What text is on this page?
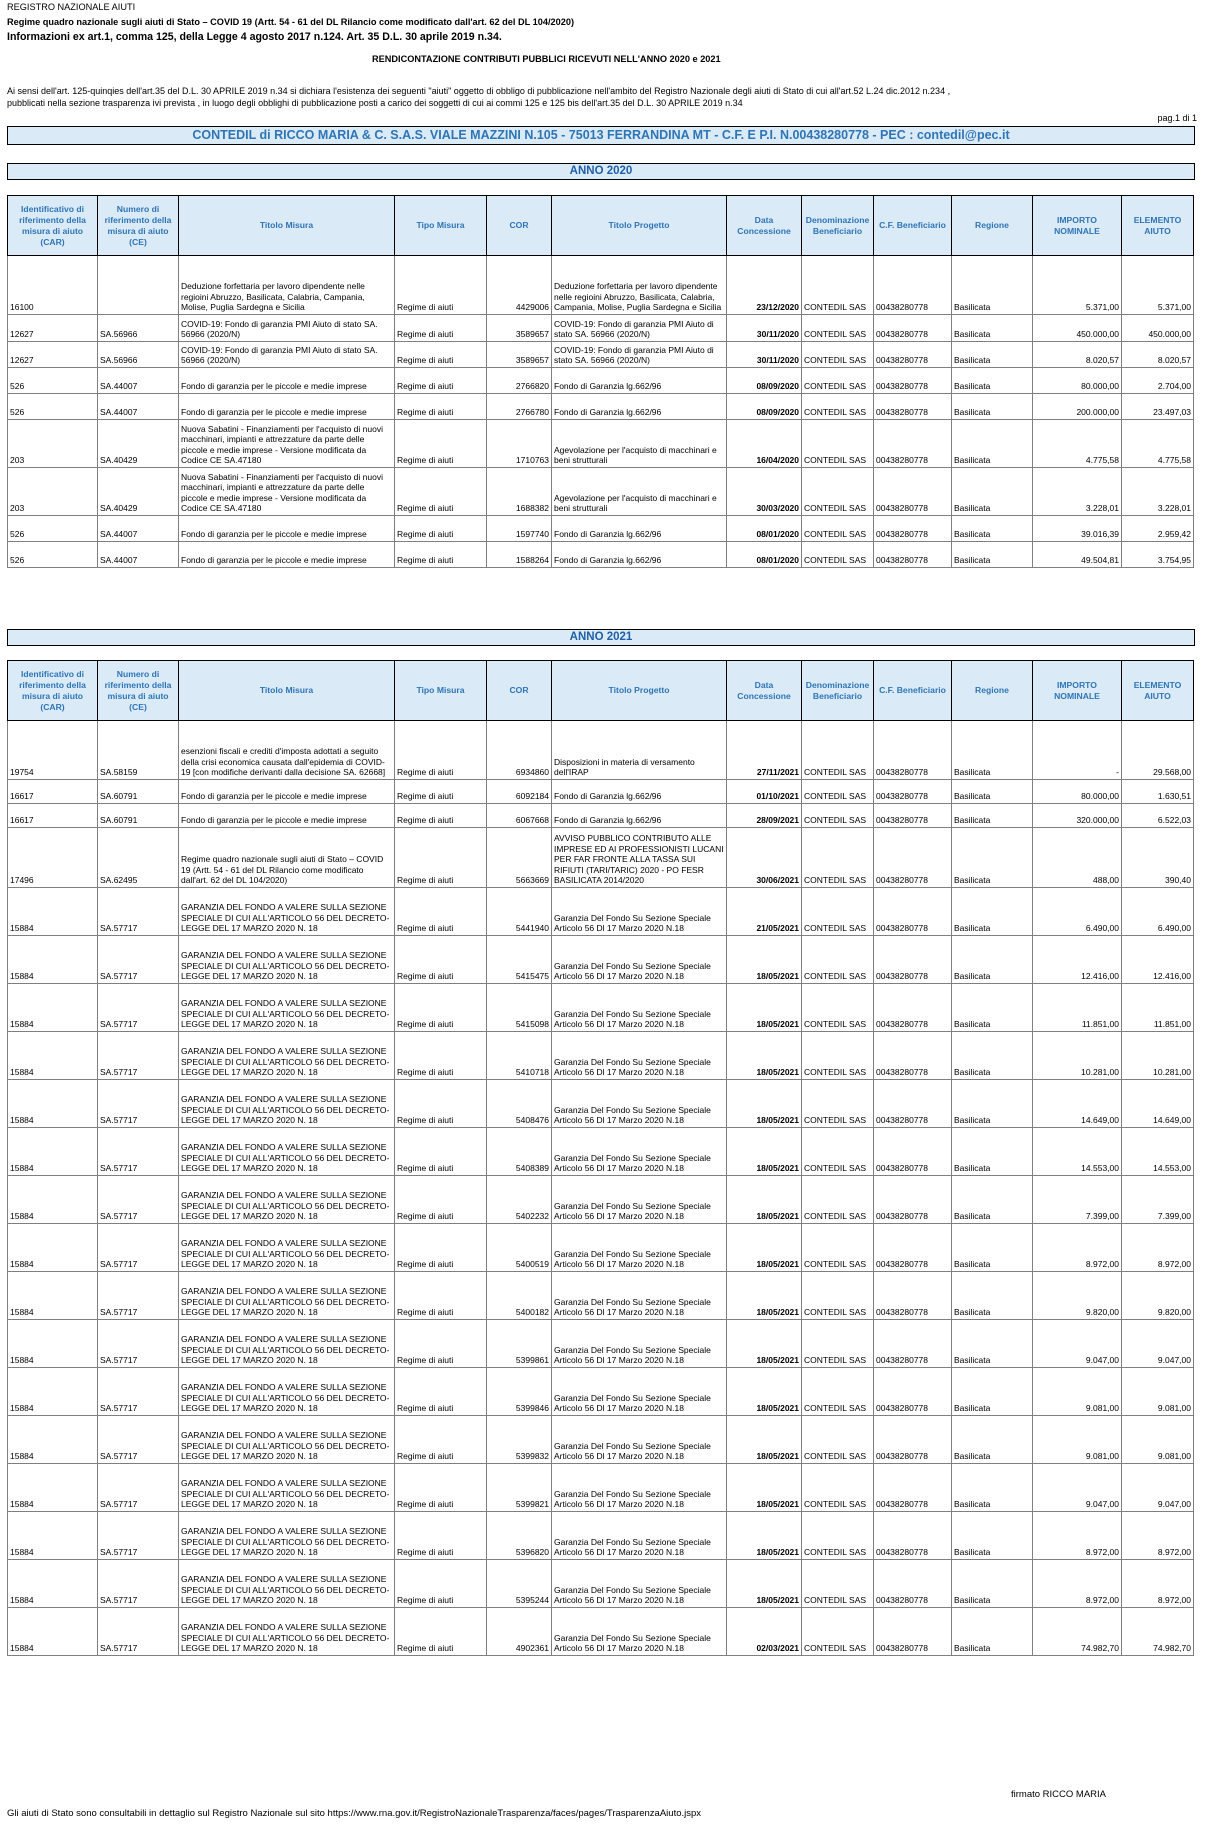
REGISTRO NAZIONALE AIUTI
Regime quadro nazionale sugli aiuti di Stato – COVID 19 (Artt. 54 - 61 del DL Rilancio come modificato dall'art. 62 del DL 104/2020)
Informazioni ex art.1, comma 125, della Legge 4 agosto 2017 n.124. Art. 35 D.L. 30 aprile 2019 n.34.
RENDICONTAZIONE CONTRIBUTI PUBBLICI RICEVUTI NELL'ANNO 2020 e 2021
Ai sensi dell'art. 125-quinqies dell'art.35 del D.L. 30 APRILE 2019 n.34 si dichiara l'esistenza dei seguenti "aiuti" oggetto di obbligo di pubblicazione nell'ambito del Registro Nazionale degli aiuti di Stato di cui all'art.52 L.24 dic.2012 n.234 ,
pubblicati nella sezione trasparenza ivi prevista , in luogo degli obblighi di pubblicazione posti a carico dei soggetti di cui ai commi 125 e 125 bis dell'art.35 del D.L. 30 APRILE 2019 n.34
pag.1 di 1
CONTEDIL di RICCO MARIA & C. S.A.S. VIALE MAZZINI N.105 - 75013 FERRANDINA MT - C.F. E P.I. N.00438280778 - PEC : contedil@pec.it
ANNO 2020
Identificativo di riferimento della misura di aiuto (CAR)	Numero di riferimento della misura di aiuto (CE)	Titolo Misura	Tipo Misura	COR	Titolo Progetto	Data Concessione	Denominazione Beneficiario	C.F. Beneficiario	Regione	IMPORTO NOMINALE	ELEMENTO AIUTO
16100		Deduzione forfettaria per lavoro dipendente nelle regioini Abruzzo, Basilicata, Calabria, Campania, Molise, Puglia Sardegna e Sicilia	Regime di aiuti	4429006	Deduzione forfettaria per lavoro dipendente nelle regioini Abruzzo, Basilicata, Calabria, Campania, Molise, Puglia Sardegna e Sicilia	23/12/2020	CONTEDIL SAS	00438280778	Basilicata	5.371,00	5.371,00
12627	SA.56966	COVID-19: Fondo di garanzia PMI Aiuto di stato SA. 56966 (2020/N)	Regime di aiuti	3589657	COVID-19: Fondo di garanzia PMI Aiuto di stato SA. 56966 (2020/N)	30/11/2020	CONTEDIL SAS	00438280778	Basilicata	450.000,00	450.000,00
12627	SA.56966	COVID-19: Fondo di garanzia PMI Aiuto di stato SA. 56966 (2020/N)	Regime di aiuti	3589657	COVID-19: Fondo di garanzia PMI Aiuto di stato SA. 56966 (2020/N)	30/11/2020	CONTEDIL SAS	00438280778	Basilicata	8.020,57	8.020,57
526	SA.44007	Fondo di garanzia per le piccole e medie imprese	Regime di aiuti	2766820	Fondo di Garanzia lg.662/96	08/09/2020	CONTEDIL SAS	00438280778	Basilicata	80.000,00	2.704,00
526	SA.44007	Fondo di garanzia per le piccole e medie imprese	Regime di aiuti	2766780	Fondo di Garanzia lg.662/96	08/09/2020	CONTEDIL SAS	00438280778	Basilicata	200.000,00	23.497,03
203	SA.40429	Nuova Sabatini - Finanziamenti per l'acquisto di nuovi macchinari, impianti e attrezzature da parte delle piccole e medie imprese - Versione modificata da Codice CE SA.47180	Regime di aiuti	1710763	Agevolazione per l'acquisto di macchinari e beni strutturali	16/04/2020	CONTEDIL SAS	00438280778	Basilicata	4.775,58	4.775,58
203	SA.40429	Nuova Sabatini - Finanziamenti per l'acquisto di nuovi macchinari, impianti e attrezzature da parte delle piccole e medie imprese - Versione modificata da Codice CE SA.47180	Regime di aiuti	1688382	Agevolazione per l'acquisto di macchinari e beni strutturali	30/03/2020	CONTEDIL SAS	00438280778	Basilicata	3.228,01	3.228,01
526	SA.44007	Fondo di garanzia per le piccole e medie imprese	Regime di aiuti	1597740	Fondo di Garanzia lg.662/96	08/01/2020	CONTEDIL SAS	00438280778	Basilicata	39.016,39	2.959,42
526	SA.44007	Fondo di garanzia per le piccole e medie imprese	Regime di aiuti	1588264	Fondo di Garanzia lg.662/96	08/01/2020	CONTEDIL SAS	00438280778	Basilicata	49.504,81	3.754,95
ANNO 2021
Identificativo di riferimento della misura di aiuto (CAR)	Numero di riferimento della misura di aiuto (CE)	Titolo Misura	Tipo Misura	COR	Titolo Progetto	Data Concessione	Denominazione Beneficiario	C.F. Beneficiario	Regione	IMPORTO NOMINALE	ELEMENTO AIUTO
19754	SA.58159	esenzioni fiscali e crediti d'imposta adottati a seguito della crisi economica causata dall'epidemia di COVID-19 [con modifiche derivanti dalla decisione SA. 62668]	Regime di aiuti	6934860	Disposizioni in materia di versamento dell'IRAP	27/11/2021	CONTEDIL SAS	00438280778	Basilicata	-	29.568,00
16617	SA.60791	Fondo di garanzia per le piccole e medie imprese	Regime di aiuti	6092184	Fondo di Garanzia lg.662/96	01/10/2021	CONTEDIL SAS	00438280778	Basilicata	80.000,00	1.630,51
16617	SA.60791	Fondo di garanzia per le piccole e medie imprese	Regime di aiuti	6067668	Fondo di Garanzia lg.662/96	28/09/2021	CONTEDIL SAS	00438280778	Basilicata	320.000,00	6.522,03
17496	SA.62495	Regime quadro nazionale sugli aiuti di Stato – COVID 19 (Artt. 54 - 61 del DL Rilancio come modificato dall'art. 62 del DL 104/2020)	Regime di aiuti	5663669	AVVISO PUBBLICO CONTRIBUTO ALLE IMPRESE ED AI PROFESSIONISTI LUCANI PER FAR FRONTE ALLA TASSA SUI RIFIUTI (TARI/TARIC) 2020 - PO FESR BASILICATA 2014/2020	30/06/2021	CONTEDIL SAS	00438280778	Basilicata	488,00	390,40
15884	SA.57717	GARANZIA DEL FONDO A VALERE SULLA SEZIONE SPECIALE DI CUI ALL'ARTICOLO 56 DEL DECRETO-LEGGE DEL 17 MARZO 2020 N. 18	Regime di aiuti	5441940	Garanzia Del Fondo Su Sezione Speciale Articolo 56 Dl 17 Marzo 2020 N.18	21/05/2021	CONTEDIL SAS	00438280778	Basilicata	6.490,00	6.490,00
15884	SA.57717	GARANZIA DEL FONDO A VALERE SULLA SEZIONE SPECIALE DI CUI ALL'ARTICOLO 56 DEL DECRETO-LEGGE DEL 17 MARZO 2020 N. 18	Regime di aiuti	5415475	Garanzia Del Fondo Su Sezione Speciale Articolo 56 Dl 17 Marzo 2020 N.18	18/05/2021	CONTEDIL SAS	00438280778	Basilicata	12.416,00	12.416,00
15884	SA.57717	GARANZIA DEL FONDO A VALERE SULLA SEZIONE SPECIALE DI CUI ALL'ARTICOLO 56 DEL DECRETO-LEGGE DEL 17 MARZO 2020 N. 18	Regime di aiuti	5415098	Garanzia Del Fondo Su Sezione Speciale Articolo 56 Dl 17 Marzo 2020 N.18	18/05/2021	CONTEDIL SAS	00438280778	Basilicata	11.851,00	11.851,00
15884	SA.57717	GARANZIA DEL FONDO A VALERE SULLA SEZIONE SPECIALE DI CUI ALL'ARTICOLO 56 DEL DECRETO-LEGGE DEL 17 MARZO 2020 N. 18	Regime di aiuti	5410718	Garanzia Del Fondo Su Sezione Speciale Articolo 56 Dl 17 Marzo 2020 N.18	18/05/2021	CONTEDIL SAS	00438280778	Basilicata	10.281,00	10.281,00
15884	SA.57717	GARANZIA DEL FONDO A VALERE SULLA SEZIONE SPECIALE DI CUI ALL'ARTICOLO 56 DEL DECRETO-LEGGE DEL 17 MARZO 2020 N. 18	Regime di aiuti	5408476	Garanzia Del Fondo Su Sezione Speciale Articolo 56 Dl 17 Marzo 2020 N.18	18/05/2021	CONTEDIL SAS	00438280778	Basilicata	14.649,00	14.649,00
15884	SA.57717	GARANZIA DEL FONDO A VALERE SULLA SEZIONE SPECIALE DI CUI ALL'ARTICOLO 56 DEL DECRETO-LEGGE DEL 17 MARZO 2020 N. 18	Regime di aiuti	5408389	Garanzia Del Fondo Su Sezione Speciale Articolo 56 Dl 17 Marzo 2020 N.18	18/05/2021	CONTEDIL SAS	00438280778	Basilicata	14.553,00	14.553,00
15884	SA.57717	GARANZIA DEL FONDO A VALERE SULLA SEZIONE SPECIALE DI CUI ALL'ARTICOLO 56 DEL DECRETO-LEGGE DEL 17 MARZO 2020 N. 18	Regime di aiuti	5402232	Garanzia Del Fondo Su Sezione Speciale Articolo 56 Dl 17 Marzo 2020 N.18	18/05/2021	CONTEDIL SAS	00438280778	Basilicata	7.399,00	7.399,00
15884	SA.57717	GARANZIA DEL FONDO A VALERE SULLA SEZIONE SPECIALE DI CUI ALL'ARTICOLO 56 DEL DECRETO-LEGGE DEL 17 MARZO 2020 N. 18	Regime di aiuti	5400519	Garanzia Del Fondo Su Sezione Speciale Articolo 56 Dl 17 Marzo 2020 N.18	18/05/2021	CONTEDIL SAS	00438280778	Basilicata	8.972,00	8.972,00
15884	SA.57717	GARANZIA DEL FONDO A VALERE SULLA SEZIONE SPECIALE DI CUI ALL'ARTICOLO 56 DEL DECRETO-LEGGE DEL 17 MARZO 2020 N. 18	Regime di aiuti	5400182	Garanzia Del Fondo Su Sezione Speciale Articolo 56 Dl 17 Marzo 2020 N.18	18/05/2021	CONTEDIL SAS	00438280778	Basilicata	9.820,00	9.820,00
15884	SA.57717	GARANZIA DEL FONDO A VALERE SULLA SEZIONE SPECIALE DI CUI ALL'ARTICOLO 56 DEL DECRETO-LEGGE DEL 17 MARZO 2020 N. 18	Regime di aiuti	5399861	Garanzia Del Fondo Su Sezione Speciale Articolo 56 Dl 17 Marzo 2020 N.18	18/05/2021	CONTEDIL SAS	00438280778	Basilicata	9.047,00	9.047,00
15884	SA.57717	GARANZIA DEL FONDO A VALERE SULLA SEZIONE SPECIALE DI CUI ALL'ARTICOLO 56 DEL DECRETO-LEGGE DEL 17 MARZO 2020 N. 18	Regime di aiuti	5399846	Garanzia Del Fondo Su Sezione Speciale Articolo 56 Dl 17 Marzo 2020 N.18	18/05/2021	CONTEDIL SAS	00438280778	Basilicata	9.081,00	9.081,00
15884	SA.57717	GARANZIA DEL FONDO A VALERE SULLA SEZIONE SPECIALE DI CUI ALL'ARTICOLO 56 DEL DECRETO-LEGGE DEL 17 MARZO 2020 N. 18	Regime di aiuti	5399832	Garanzia Del Fondo Su Sezione Speciale Articolo 56 Dl 17 Marzo 2020 N.18	18/05/2021	CONTEDIL SAS	00438280778	Basilicata	9.081,00	9.081,00
15884	SA.57717	GARANZIA DEL FONDO A VALERE SULLA SEZIONE SPECIALE DI CUI ALL'ARTICOLO 56 DEL DECRETO-LEGGE DEL 17 MARZO 2020 N. 18	Regime di aiuti	5399821	Garanzia Del Fondo Su Sezione Speciale Articolo 56 Dl 17 Marzo 2020 N.18	18/05/2021	CONTEDIL SAS	00438280778	Basilicata	9.047,00	9.047,00
15884	SA.57717	GARANZIA DEL FONDO A VALERE SULLA SEZIONE SPECIALE DI CUI ALL'ARTICOLO 56 DEL DECRETO-LEGGE DEL 17 MARZO 2020 N. 18	Regime di aiuti	5396820	Garanzia Del Fondo Su Sezione Speciale Articolo 56 Dl 17 Marzo 2020 N.18	18/05/2021	CONTEDIL SAS	00438280778	Basilicata	8.972,00	8.972,00
15884	SA.57717	GARANZIA DEL FONDO A VALERE SULLA SEZIONE SPECIALE DI CUI ALL'ARTICOLO 56 DEL DECRETO-LEGGE DEL 17 MARZO 2020 N. 18	Regime di aiuti	5395244	Garanzia Del Fondo Su Sezione Speciale Articolo 56 Dl 17 Marzo 2020 N.18	18/05/2021	CONTEDIL SAS	00438280778	Basilicata	8.972,00	8.972,00
15884	SA.57717	GARANZIA DEL FONDO A VALERE SULLA SEZIONE SPECIALE DI CUI ALL'ARTICOLO 56 DEL DECRETO-LEGGE DEL 17 MARZO 2020 N. 18	Regime di aiuti	4902361	Garanzia Del Fondo Su Sezione Speciale Articolo 56 Dl 17 Marzo 2020 N.18	02/03/2021	CONTEDIL SAS	00438280778	Basilicata	74.982,70	74.982,70
firmato RICCO MARIA
Gli aiuti di Stato sono consultabili in dettaglio sul Registro Nazionale sul sito https://www.rna.gov.it/RegistroNazionaleTrasparenza/faces/pages/TrasparenzaAiuto.jspx
